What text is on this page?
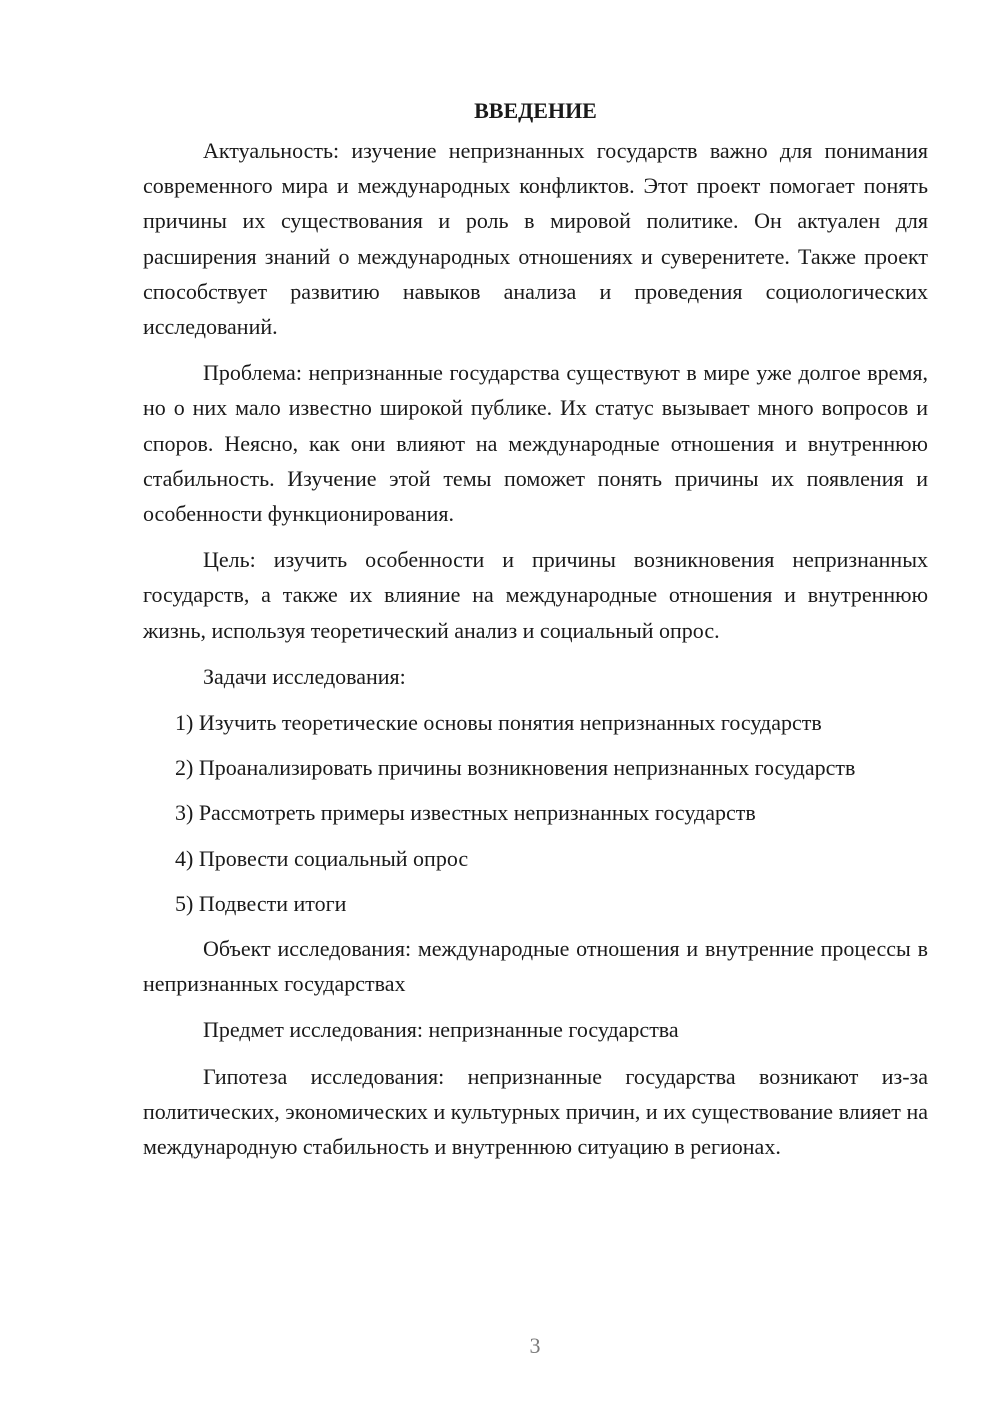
ВВЕДЕНИЕ

Актуальность: изучение непризнанных государств важно для понимания современного мира и международных конфликтов. Этот проект помогает понять причины их существования и роль в мировой политике. Он актуален для расширения знаний о международных отношениях и суверенитете. Также проект способствует развитию навыков анализа и проведения социологических исследований.

Проблема: непризнанные государства существуют в мире уже долгое время, но о них мало известно широкой публике. Их статус вызывает много вопросов и споров. Неясно, как они влияют на международные отношения и внутреннюю стабильность. Изучение этой темы поможет понять причины их появления и особенности функционирования.

Цель: изучить особенности и причины возникновения непризнанных государств, а также их влияние на международные отношения и внутреннюю жизнь, используя теоретический анализ и социальный опрос.

Задачи исследования:

1) Изучить теоретические основы понятия непризнанных государств
2) Проанализировать причины возникновения непризнанных государств
3) Рассмотреть примеры известных непризнанных государств
4) Провести социальный опрос
5) Подвести итоги

Объект исследования: международные отношения и внутренние процессы в непризнанных государствах

Предмет исследования: непризнанные государства

Гипотеза исследования: непризнанные государства возникают из-за политических, экономических и культурных причин, и их существование влияет на международную стабильность и внутреннюю ситуацию в регионах.

3
